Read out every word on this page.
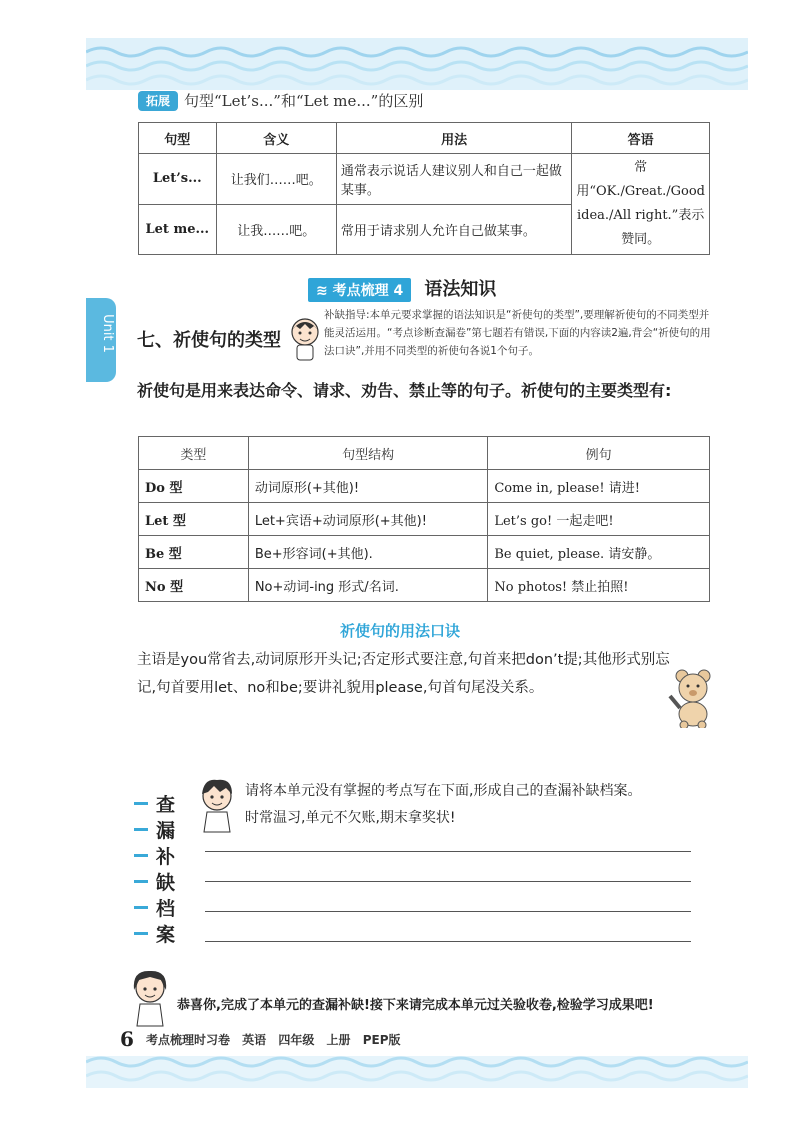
Unit 1
拓展 句型“Let’s...”和“Let me...”的区别
句型	含义	用法	答语
Let’s...	让我们……吧。	通常表示说话人建议别人和自己一起做某事。	常用“OK./Great./Good idea./All right.”表示赞同。
Let me...	让我……吧。	常用于请求别人允许自己做某事。	
≋ 考点梳理 4 语法知识
七、祈使句的类型
补缺指导:本单元要求掌握的语法知识是“祈使句的类型”,要理解祈使句的不同类型并能灵活运用。“考点诊断查漏卷”第七题若有错误,下面的内容读2遍,背会“祈使句的用法口诀”,并用不同类型的祈使句各说1个句子。
祈使句是用来表达命令、请求、劝告、禁止等的句子。祈使句的主要类型有:
类型	句型结构	例句
Do 型	动词原形(+其他)!	Come in, please! 请进!
Let 型	Let+宾语+动词原形(+其他)!	Let’s go! 一起走吧!
Be 型	Be+形容词(+其他).	Be quiet, please. 请安静。
No 型	No+动词-ing 形式/名词.	No photos! 禁止拍照!
祈使句的用法口诀
主语是you常省去,动词原形开头记;否定形式要注意,句首来把don’t提;其他形式别忘记,句首要用let、no和be;要讲礼貌用please,句首句尾没关系。
查
漏
补
缺
档
案
请将本单元没有掌握的考点写在下面,形成自己的查漏补缺档案。
时常温习,单元不欠账,期末拿奖状!
恭喜你,完成了本单元的查漏补缺!接下来请完成本单元过关验收卷,检验学习成果吧!
6 考点梳理时习卷 英语 四年级 上册 PEP版
